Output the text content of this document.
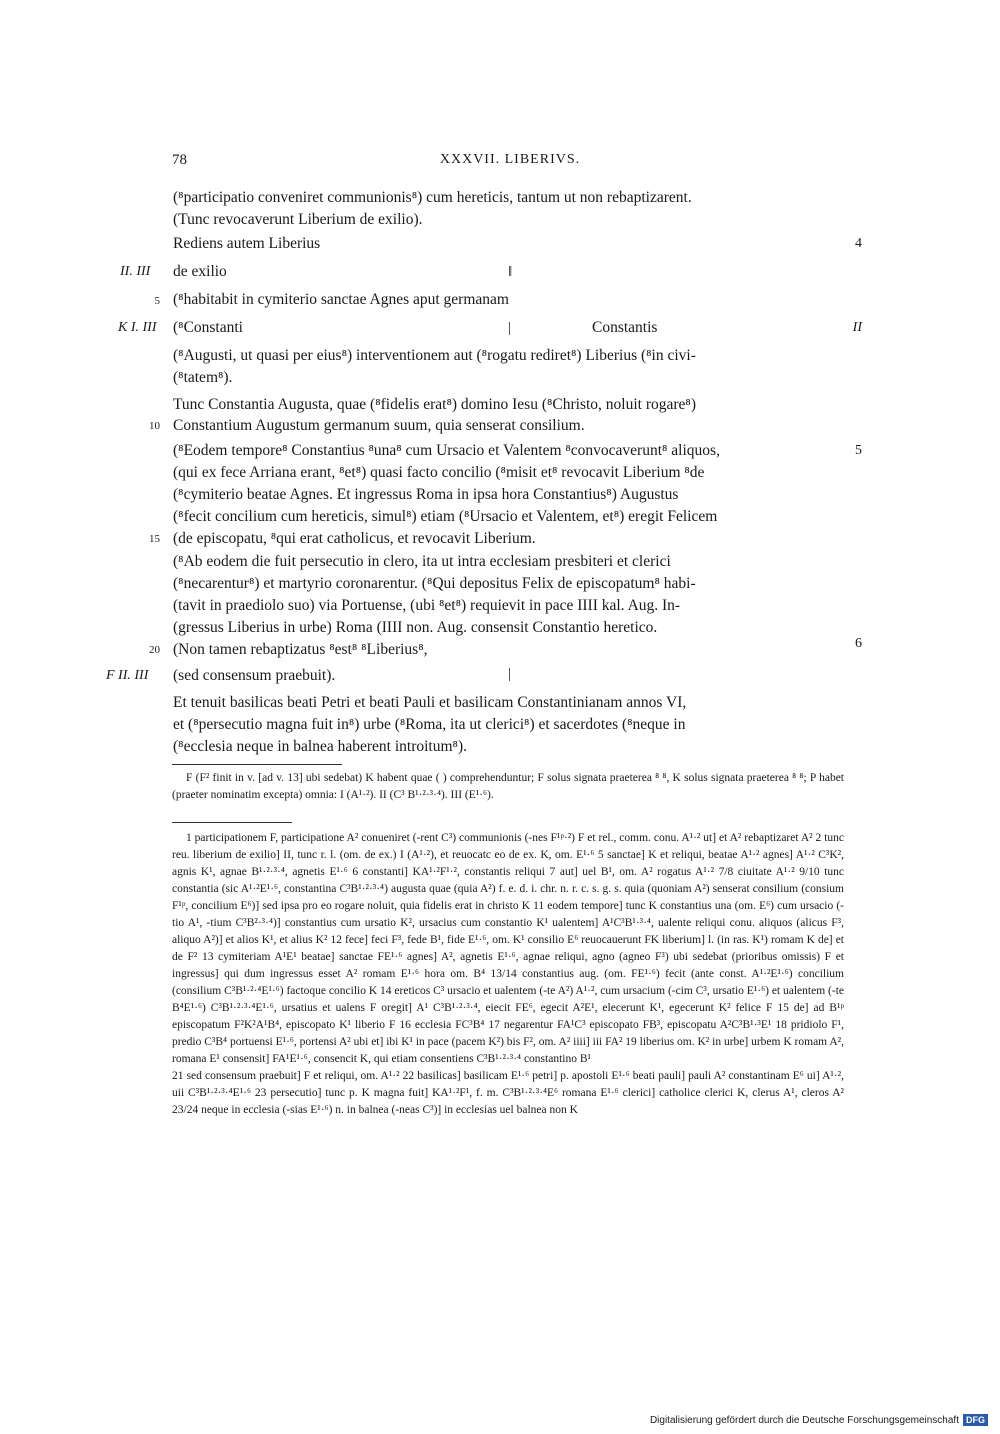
78	XXXVII. LIBERIVS.
(⁸participatio conveniret communionis⁸) cum hereticis, tantum ut non rebaptizarent.
(Tunc revocaverunt Liberium de exilio).
Rediens autem Liberius	4
II. III de exilio	‖
5 (⁸habitabit in cymiterio sanctae Agnes aput germanam
K I. III (⁸Constanti	|	Constantis	II
(⁸Augusti, ut quasi per eius⁸) interventionem aut (⁸rogatu rediret⁸) Liberius (⁸in civi-
(⁸tatem⁸).
Tunc Constantia Augusta, quae (⁸fidelis erat⁸) domino Iesu (⁸Christo, noluit rogare⁸)
10 Constantium Augustum germanum suum, quia senserat consilium.
(⁸Eodem tempore⁸ Constantius ⁸una⁸ cum Ursacio et Valentem ⁸convocaverunt⁸ aliquos,	5
(qui ex fece Arriana erant, ⁸et⁸) quasi facto concilio (⁸misit et⁸ revocavit Liberium ⁸de
(⁸cymiterio beatae Agnes. Et ingressus Roma in ipsa hora Constantius⁸) Augustus
(⁸fecit concilium cum hereticis, simul⁸) etiam (⁸Ursacio et Valentem, et⁸) eregit Felicem
15 (de episcopatu, ⁸qui erat catholicus, et revocavit Liberium.
(⁸Ab eodem die fuit persecutio in clero, ita ut intra ecclesiam presbiteri et clerici
(⁸necarentur⁸) et martyrio coronarentur. (⁸Qui depositus Felix de episcopatum⁸ habi-
(tavit in praediolo suo) via Portuense, (ubi ⁸et⁸) requievit in pace IIII kal. Aug. In-
(gressus Liberius in urbe) Roma (IIII non. Aug. consensit Constantio heretico.
20 (Non tamen rebaptizatus ⁸est⁸ ⁸Liberius⁸,	6
F II. III (sed consensum praebuit).	|
Et tenuit basilicas beati Petri et beati Pauli et basilicam Constantinianam annos VI,
et (⁸persecutio magna fuit in⁸) urbe (⁸Roma, ita ut clerici⁸) et sacerdotes (⁸neque in
(⁸ecclesia neque in balnea haberent introitum⁸).

F (F² finit in v. [ad v. 13] ubi sedebat) K habent quae ( ) comprehenduntur; F solus signata praeterea ⁸ ⁸, K solus signata praeterea ⁸ ⁸; P habet (praeter nominatim excepta) omnia: I (A¹·²). II (C³ B¹·²·³·⁴). III (E¹·⁶).

1 participationem F, participatione A² conueniret (-rent C³) communionis (-nes F¹ᵖ·²) F et rel., comm. conu. A¹·² ut] et A² rebaptizaret A² 2 tunc reu. liberium de exilio] II, tunc r. l. (om. de ex.) I (A¹·²), et reuocatc eo de ex. K, om. E¹·⁶ 5 sanctae] K et reliqui, beatae A¹·² agnes] A¹·² C³K², agnis K¹, agnae B¹·²·³·⁴, agnetis E¹·⁶ 6 constanti] KA¹·²F¹·², constantis reliqui 7 aut] uel B¹, om. A² rogatus A¹·² 7/8 ciuitate A¹·² 9/10 tunc constantia (sic A¹·²E¹·⁶, constantina C³B¹·²·³·⁴) augusta quae (quia A²) f. e. d. i. chr. n. r. c. s. g. s. quia (quoniam A²) senserat consilium (consium F¹ᵖ, concilium E⁶)] sed ipsa pro eo rogare noluit, quia fidelis erat in christo K 11 eodem tempore] tunc K constantius una (om. E⁶) cum ursacio (-tio A¹, -tium C³B²·³·⁴)] constantius cum ursatio K², ursacius cum constantio K¹ ualentem] A¹C³B¹·³·⁴, ualente reliqui conu. aliquos (alicus F³, aliquo A²)] et alios K¹, et alius K² 12 fece] feci F³, fede B¹, fide E¹·⁶, om. K¹ consilio E⁶ reuocauerunt FK liberium] l. (in ras. K¹) romam K de] et de F² 13 cymiteriam A¹E¹ beatae] sanctae FE¹·⁶ agnes] A², agnetis E¹·⁶, agnae reliqui, agno (agneo F³) ubi sedebat (prioribus omissis) F et ingressus] qui dum ingressus esset A² romam E¹·⁶ hora om. B⁴ 13/14 constantius aug. (om. FE¹·⁶) fecit (ante const. A¹·²E¹·⁶) concilium (consilium C³B¹·²·⁴E¹·⁶) factoque concilio K 14 ereticos C³ ursacio et ualentem (-te A²) A¹·², cum ursacium (-cim C³, ursatio E¹·⁶) et ualentem (-te B⁴E¹·⁶) C³B¹·²·³·⁴E¹·⁶, ursatius et ualens F oregit] A¹ C³B¹·²·³·⁴, eiecit FE⁶, egecit A²E¹, elecerunt K¹, egecerunt K² felice F 15 de] ad B¹ᵖ episcopatum F²K²A¹B⁴, episcopato K¹ liberio F 16 ecclesia FC³B⁴ 17 negarentur FA¹C³ episcopato FB³, episcopatu A²C³B¹·³E¹ 18 pridiolo F¹, predio C³B⁴ portuensi E¹·⁶, portensi A² ubi et] ibi K¹ in pace (pacem K²) bis F², om. A² iiii] iii FA² 19 liberius om. K² in urbe] urbem K romam A², romana E¹ consensit] FA¹E¹·⁶, consencit K, qui etiam consentiens C³B¹·²·³·⁴ constantino B¹

21 sed consensum praebuit] F et reliqui, om. A¹·² 22 basilicas] basilicam E¹·⁶ petri] p. apostoli E¹·⁶ beati pauli] pauli A² constantinam E⁶ ui] A¹·², uii C³B¹·²·³·⁴E¹·⁶ 23 persecutio] tunc p. K magna fuit] KA¹·²F¹, f. m. C³B¹·²·³·⁴E⁶ romana E¹·⁶ clerici] catholice clerici K, clerus A¹, cleros A² 23/24 neque in ecclesia (-sias E¹·⁶) n. in balnea (-neas C³)] in ecclesias uel balnea non K

Digitalisierung gefördert durch die Deutsche Forschungsgemeinschaft DFG
